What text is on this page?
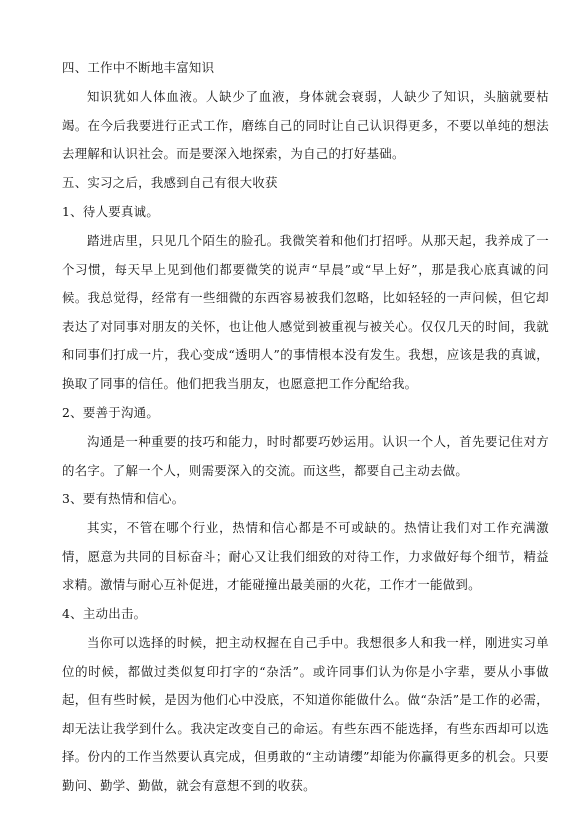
四、工作中不断地丰富知识

知识犹如人体血液。人缺少了血液，身体就会衰弱，人缺少了知识，头脑就要枯竭。在今后我要进行正式工作，磨练自己的同时让自己认识得更多，不要以单纯的想法去理解和认识社会。而是要深入地探索，为自己的打好基础。

五、实习之后，我感到自己有很大收获

1、待人要真诚。

踏进店里，只见几个陌生的脸孔。我微笑着和他们打招呼。从那天起，我养成了一个习惯，每天早上见到他们都要微笑的说声“早晨”或“早上好”，那是我心底真诚的问候。我总觉得，经常有一些细微的东西容易被我们忽略，比如轻轻的一声问候，但它却表达了对同事对朋友的关怀，也让他人感觉到被重视与被关心。仅仅几天的时间，我就和同事们打成一片，我心变成“透明人”的事情根本没有发生。我想，应该是我的真诚，换取了同事的信任。他们把我当朋友，也愿意把工作分配给我。

2、要善于沟通。

沟通是一种重要的技巧和能力，时时都要巧妙运用。认识一个人，首先要记住对方的名字。了解一个人，则需要深入的交流。而这些，都要自己主动去做。

3、要有热情和信心。

其实，不管在哪个行业，热情和信心都是不可或缺的。热情让我们对工作充满激情，愿意为共同的目标奋斗；耐心又让我们细致的对待工作，力求做好每个细节，精益求精。激情与耐心互补促进，才能碰撞出最美丽的火花，工作才一能做到。

4、主动出击。

当你可以选择的时候，把主动权握在自己手中。我想很多人和我一样，刚进实习单位的时候，都做过类似复印打字的“杂活”。或许同事们认为你是小字辈，要从小事做起，但有些时候，是因为他们心中没底，不知道你能做什么。做“杂活”是工作的必需，却无法让我学到什么。我决定改变自己的命运。有些东西不能选择，有些东西却可以选择。份内的工作当然要认真完成，但勇敢的“主动请缨”却能为你赢得更多的机会。只要勤问、勤学、勤做，就会有意想不到的收获。
